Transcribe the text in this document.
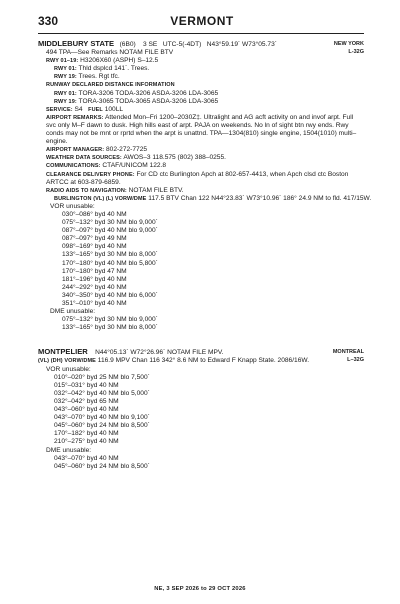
330	VERMONT
NEW YORK
L-32G
MIDDLEBURY STATE (6B0) 3 SE UTC-5(-4DT) N43°59.19´ W73°05.73´
494 TPA—See Remarks NOTAM FILE BTV
RWY 01–19: H3206X60 (ASPH) S–12.5
RWY 01: Thld dsplcd 141´. Trees.
RWY 19: Trees. Rgt tfc.
RUNWAY DECLARED DISTANCE INFORMATION
RWY 01: TORA-3206 TODA-3206 ASDA-3206 LDA-3065
RWY 19: TORA-3065 TODA-3065 ASDA-3206 LDA-3065
SERVICE: S4 FUEL 100LL
AIRPORT REMARKS: Attended Mon–Fri 1200–2030Z‡. Ultralight and AG acft activity on and invof arpt. Full svc only M–F dawn to dusk. High hills east of arpt. PAJA on weekends. No ln of sight btn rwy ends. Rwy conds may not be mnt or rprtd when the arpt is unattnd. TPA—1304(810) single engine, 1504(1010) multi–engine.
AIRPORT MANAGER: 802-272-7725
WEATHER DATA SOURCES: AWOS–3 118.575 (802) 388–0255.
COMMUNICATIONS: CTAF/UNICOM 122.8
CLEARANCE DELIVERY PHONE: For CD ctc Burlington Apch at 802-657-4413, when Apch clsd ctc Boston ARTCC at 603-879-6859.
RADIO AIDS TO NAVIGATION: NOTAM FILE BTV.
BURLINGTON (VL) (L) VORW/DME 117.5 BTV Chan 122 N44°23.83´ W73°10.96´ 186° 24.9 NM to fld. 417/15W.
VOR unusable:
030°–086° byd 40 NM
075°–132° byd 30 NM blo 9,000´
087°–097° byd 40 NM blo 9,000´
087°–097° byd 49 NM
098°–169° byd 40 NM
133°–165° byd 30 NM blo 8,000´
170°–180° byd 40 NM blo 5,800´
170°–180° byd 47 NM
181°–196° byd 40 NM
244°–292° byd 40 NM
340°–350° byd 40 NM blo 6,000´
351°–010° byd 40 NM
DME unusable:
075°–132° byd 30 NM blo 9,000´
133°–165° byd 30 NM blo 8,000´
MONTREAL
L–32G
MONTPELIER N44°05.13´ W72°26.96´ NOTAM FILE MPV.
(VL) (DH) VORW/DME 116.9 MPV Chan 116 342° 8.6 NM to Edward F Knapp State. 2086/16W.
VOR unusable:
010°–020° byd 25 NM blo 7,500´
015°–031° byd 40 NM
032°–042° byd 40 NM blo 5,000´
032°–042° byd 65 NM
043°–060° byd 40 NM
043°–070° byd 40 NM blo 9,100´
045°–060° byd 24 NM blo 8,500´
170°–182° byd 40 NM
210°–275° byd 40 NM
DME unusable:
043°–070° byd 40 NM
045°–060° byd 24 NM blo 8,500´
NE, 3 SEP 2026 to 29 OCT 2026
